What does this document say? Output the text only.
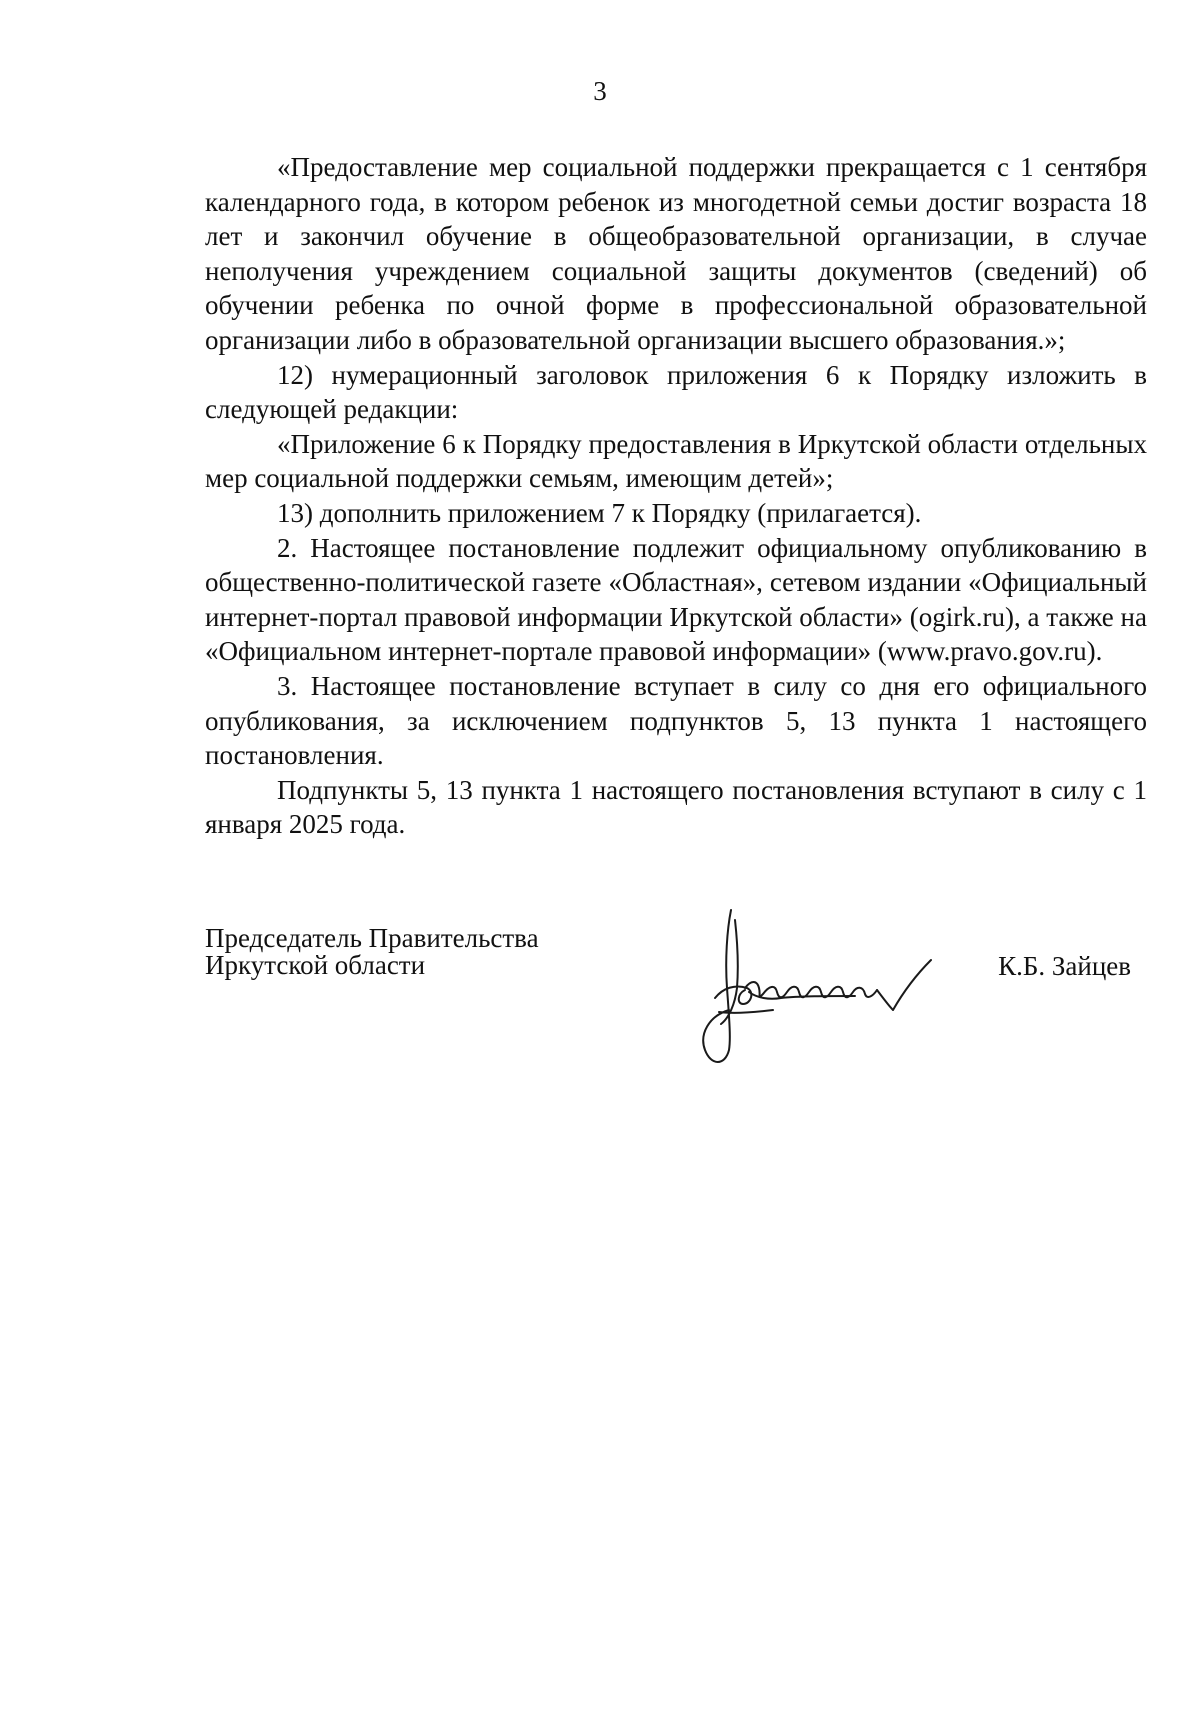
3

«Предоставление мер социальной поддержки прекращается с 1 сентября календарного года, в котором ребенок из многодетной семьи достиг возраста 18 лет и закончил обучение в общеобразовательной организации, в случае неполучения учреждением социальной защиты документов (сведений) об обучении ребенка по очной форме в профессиональной образовательной организации либо в образовательной организации высшего образования.»;

12) нумерационный заголовок приложения 6 к Порядку изложить в следующей редакции:

«Приложение 6 к Порядку предоставления в Иркутской области отдельных мер социальной поддержки семьям, имеющим детей»;

13) дополнить приложением 7 к Порядку (прилагается).

2. Настоящее постановление подлежит официальному опубликованию в общественно-политической газете «Областная», сетевом издании «Официальный интернет-портал правовой информации Иркутской области» (ogirk.ru), а также на «Официальном интернет-портале правовой информации» (www.pravo.gov.ru).

3. Настоящее постановление вступает в силу со дня его официального опубликования, за исключением подпунктов 5, 13 пункта 1 настоящего постановления.

Подпункты 5, 13 пункта 1 настоящего постановления вступают в силу с 1 января 2025 года.

Председатель Правительства
Иркутской области	К.Б. Зайцев
